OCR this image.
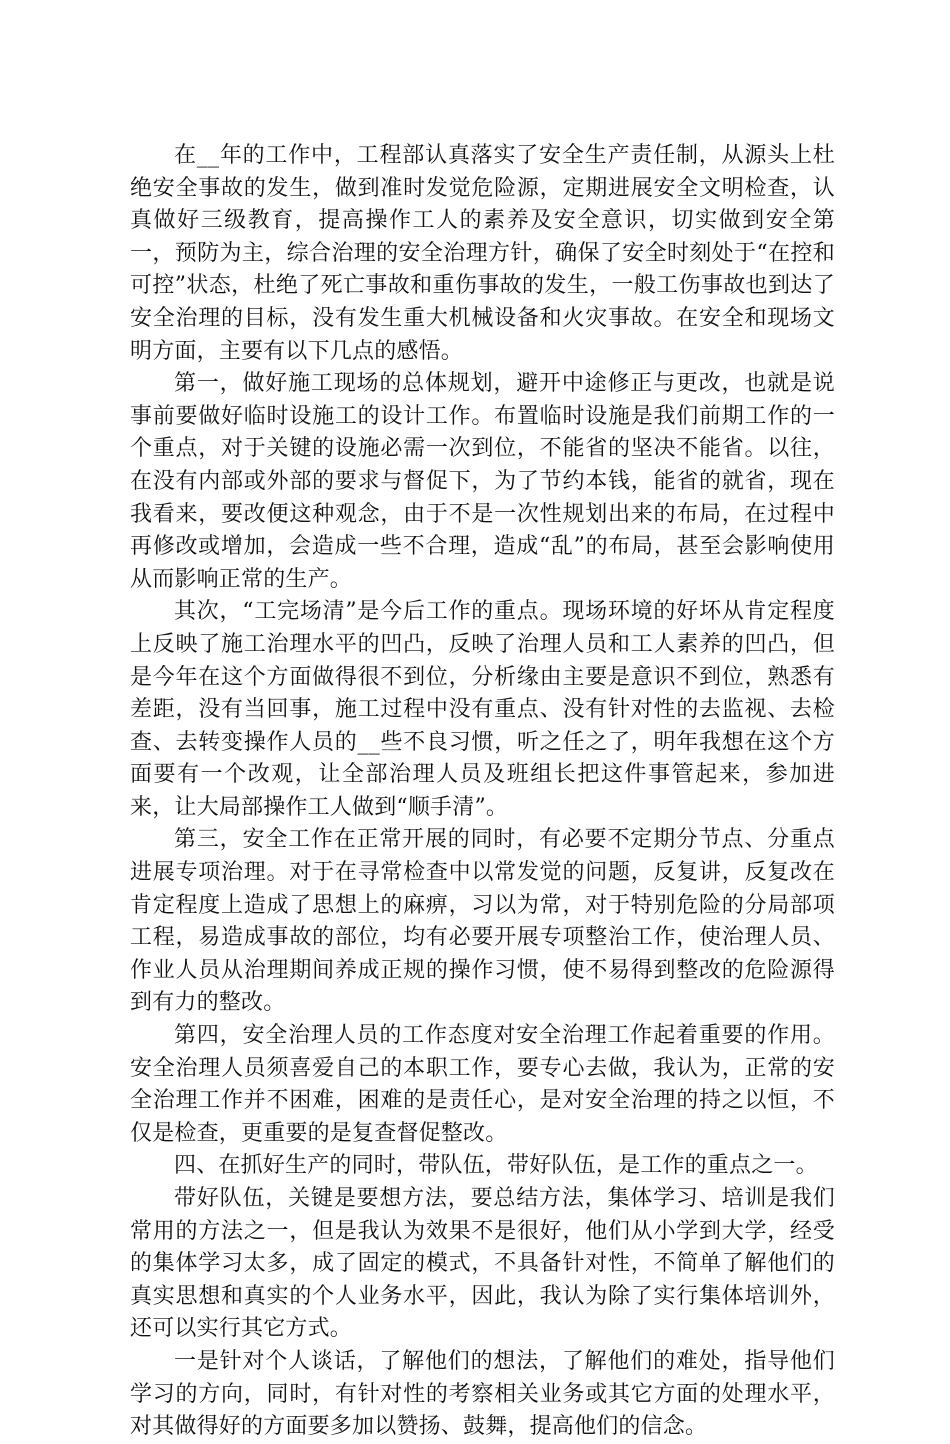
在__年的工作中，工程部认真落实了安全生产责任制，从源头上杜绝安全事故的发生，做到准时发觉危险源，定期进展安全文明检查，认真做好三级教育，提高操作工人的素养及安全意识，切实做到安全第一，预防为主，综合治理的安全治理方针，确保了安全时刻处于“在控和可控”状态，杜绝了死亡事故和重伤事故的发生，一般工伤事故也到达了安全治理的目标，没有发生重大机械设备和火灾事故。在安全和现场文明方面，主要有以下几点的感悟。

第一，做好施工现场的总体规划，避开中途修正与更改，也就是说事前要做好临时设施工的设计工作。布置临时设施是我们前期工作的一个重点，对于关键的设施必需一次到位，不能省的坚决不能省。以往，在没有内部或外部的要求与督促下，为了节约本钱，能省的就省，现在我看来，要改便这种观念，由于不是一次性规划出来的布局，在过程中再修改或增加，会造成一些不合理，造成“乱”的布局，甚至会影响使用从而影响正常的生产。

其次，“工完场清”是今后工作的重点。现场环境的好坏从肯定程度上反映了施工治理水平的凹凸，反映了治理人员和工人素养的凹凸，但是今年在这个方面做得很不到位，分析缘由主要是意识不到位，熟悉有差距，没有当回事，施工过程中没有重点、没有针对性的去监视、去检查、去转变操作人员的__些不良习惯，听之任之了，明年我想在这个方面要有一个改观，让全部治理人员及班组长把这件事管起来，参加进来，让大局部操作工人做到“顺手清”。

第三，安全工作在正常开展的同时，有必要不定期分节点、分重点进展专项治理。对于在寻常检查中以常发觉的问题，反复讲，反复改在肯定程度上造成了思想上的麻痹，习以为常，对于特别危险的分局部项工程，易造成事故的部位，均有必要开展专项整治工作，使治理人员、作业人员从治理期间养成正规的操作习惯，使不易得到整改的危险源得到有力的整改。

第四，安全治理人员的工作态度对安全治理工作起着重要的作用。安全治理人员须喜爱自己的本职工作，要专心去做，我认为，正常的安全治理工作并不困难，困难的是责任心，是对安全治理的持之以恒，不仅是检查，更重要的是复查督促整改。

四、在抓好生产的同时，带队伍，带好队伍，是工作的重点之一。

带好队伍，关键是要想方法，要总结方法，集体学习、培训是我们常用的方法之一，但是我认为效果不是很好，他们从小学到大学，经受的集体学习太多，成了固定的模式，不具备针对性，不简单了解他们的真实思想和真实的个人业务水平，因此，我认为除了实行集体培训外，还可以实行其它方式。

一是针对个人谈话，了解他们的想法，了解他们的难处，指导他们学习的方向，同时，有针对性的考察相关业务或其它方面的处理水平，对其做得好的方面要多加以赞扬、鼓舞，提高他们的信念。
